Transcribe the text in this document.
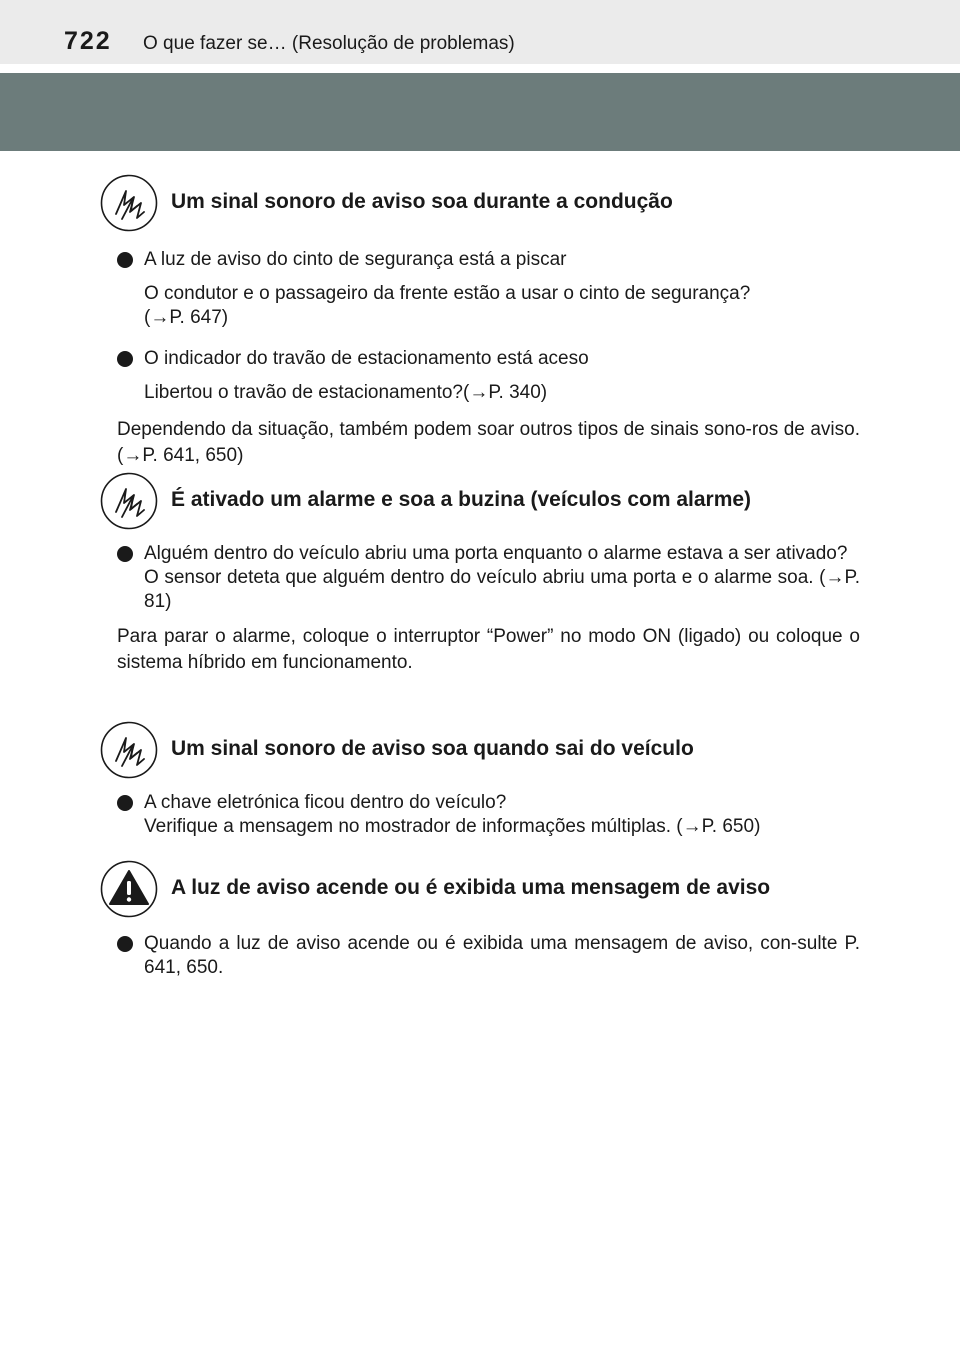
722 O que fazer se… (Resolução de problemas)
Um sinal sonoro de aviso soa durante a condução
A luz de aviso do cinto de segurança está a piscar
O condutor e o passageiro da frente estão a usar o cinto de segurança?
(→P. 647)
O indicador do travão de estacionamento está aceso
Libertou o travão de estacionamento?(→P. 340)
Dependendo da situação, também podem soar outros tipos de sinais sono-ros de aviso. (→P. 641, 650)
É ativado um alarme e soa a buzina (veículos com alarme)
Alguém dentro do veículo abriu uma porta enquanto o alarme estava a ser ativado?
O sensor deteta que alguém dentro do veículo abriu uma porta e o alarme soa. (→P. 81)
Para parar o alarme, coloque o interruptor “Power” no modo ON (ligado) ou coloque o sistema híbrido em funcionamento.
Um sinal sonoro de aviso soa quando sai do veículo
A chave eletrónica ficou dentro do veículo?
Verifique a mensagem no mostrador de informações múltiplas. (→P. 650)
A luz de aviso acende ou é exibida uma mensagem de aviso
Quando a luz de aviso acende ou é exibida uma mensagem de aviso, con-sulte P. 641, 650.
